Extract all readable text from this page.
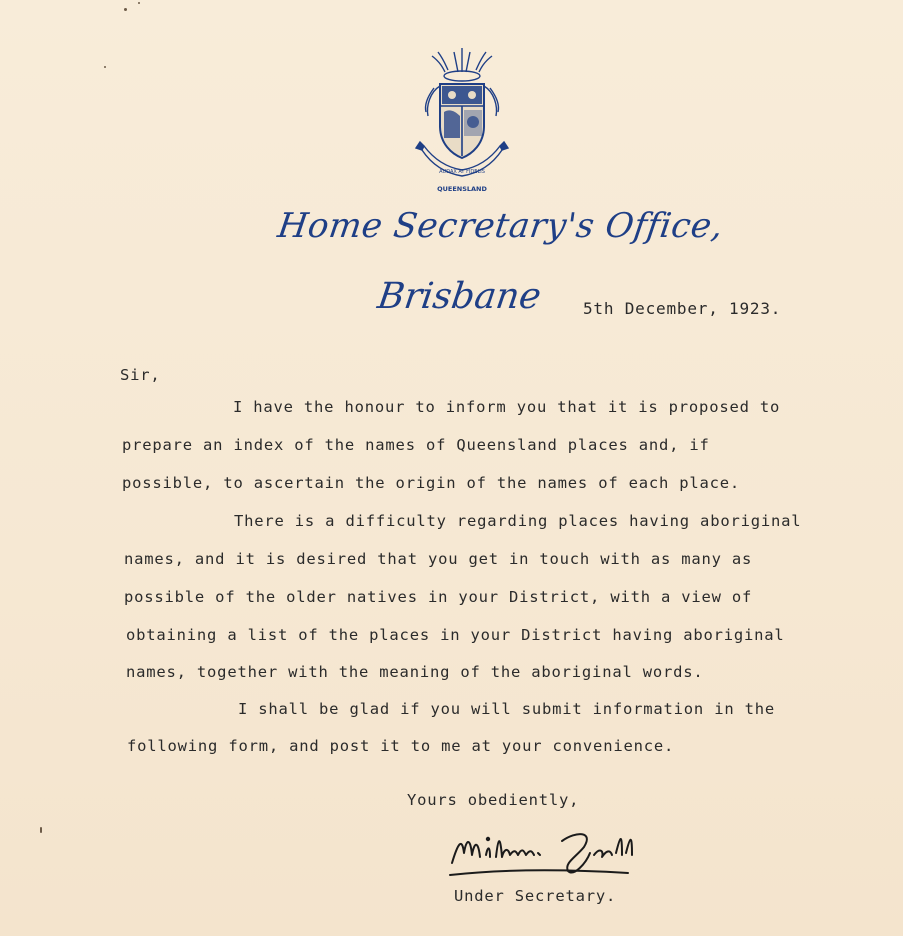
AUDAX AT FIDELIS
QUEENSLAND
Home Secretary's Office,
Brisbane 5th December, 1923.
Sir,
I have the honour to inform you that it is proposed to
prepare an index of the names of Queensland places and, if
possible, to ascertain the origin of the names of each place.
There is a difficulty regarding places having aboriginal
names, and it is desired that you get in touch with as many as
possible of the older natives in your District, with a view of
obtaining a list of the places in your District having aboriginal
names, together with the meaning of the aboriginal words.
I shall be glad if you will submit information in the
following form, and post it to me at your convenience.
Yours obediently,
Under Secretary.
